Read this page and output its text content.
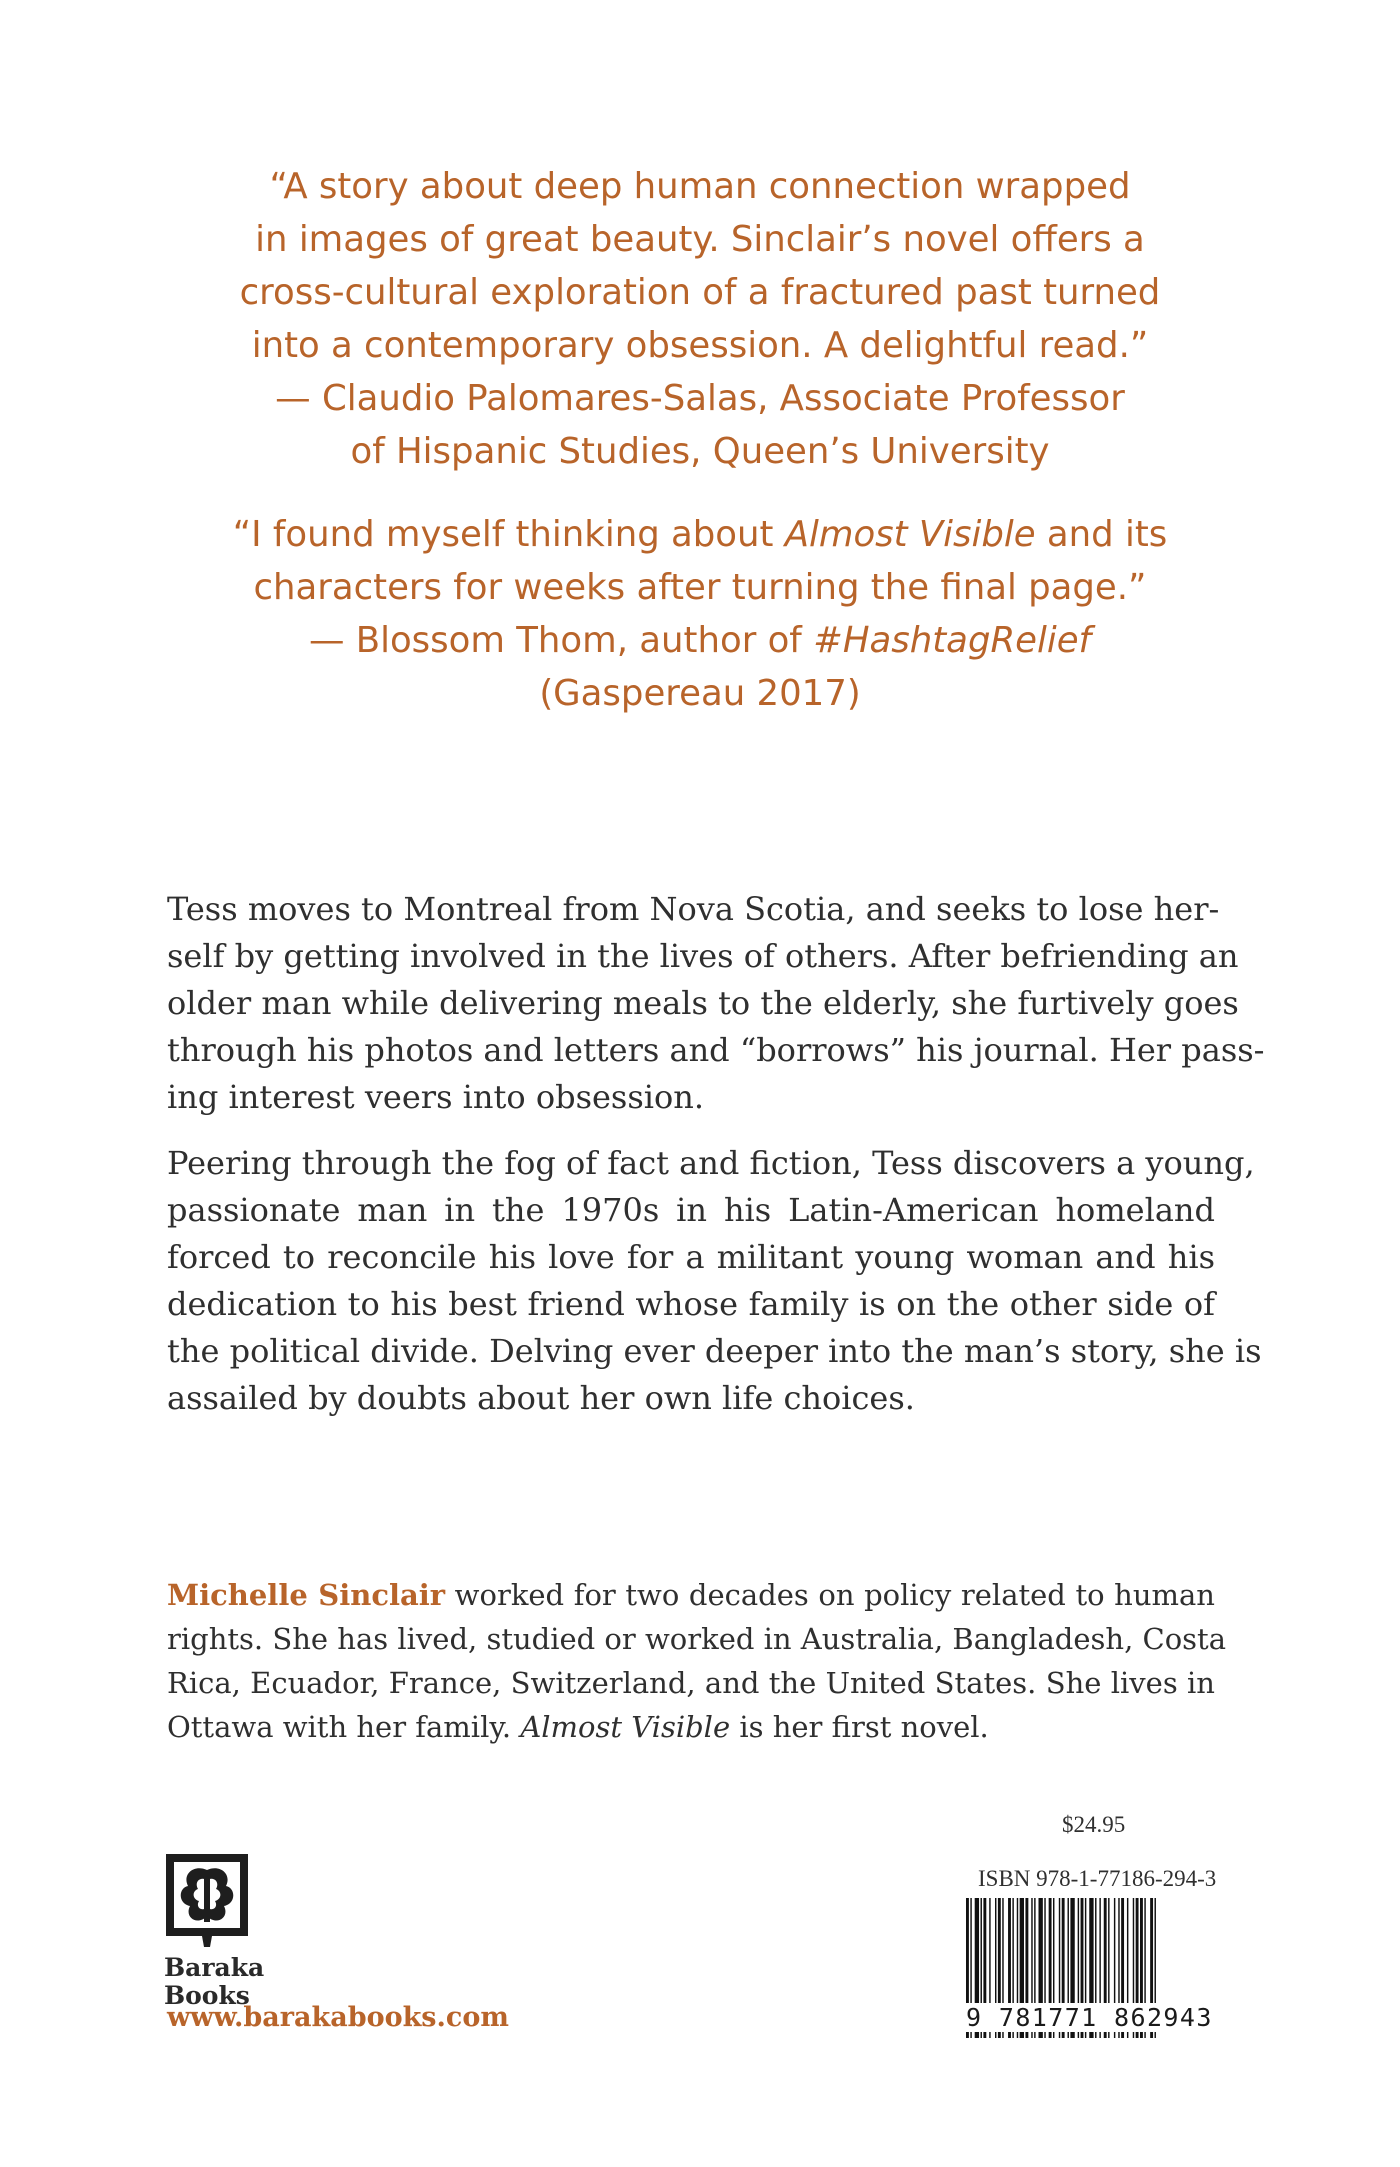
“A story about deep human connection wrapped
in images of great beauty. Sinclair’s novel offers a
cross-cultural exploration of a fractured past turned
into a contemporary obsession. A delightful read.”
— Claudio Palomares-Salas, Associate Professor
of Hispanic Studies, Queen’s University

“I found myself thinking about Almost Visible and its
characters for weeks after turning the final page.”
— Blossom Thom, author of #HashtagRelief
(Gaspereau 2017)

Tess moves to Montreal from Nova Scotia, and seeks to lose her-
self by getting involved in the lives of others. After befriending an
older man while delivering meals to the elderly, she furtively goes
through his photos and letters and “borrows” his journal. Her pass-
ing interest veers into obsession.

Peering through the fog of fact and fiction, Tess discovers a young,
passionate man in the 1970s in his Latin-American homeland
forced to reconcile his love for a militant young woman and his
dedication to his best friend whose family is on the other side of
the political divide. Delving ever deeper into the man’s story, she is
assailed by doubts about her own life choices.

Michelle Sinclair worked for two decades on policy related to human
rights. She has lived, studied or worked in Australia, Bangladesh, Costa
Rica, Ecuador, France, Switzerland, and the United States. She lives in
Ottawa with her family. Almost Visible is her first novel.

Baraka
Books
www.barakabooks.com
$24.95
ISBN 978-1-77186-294-3
9 781771 862943
